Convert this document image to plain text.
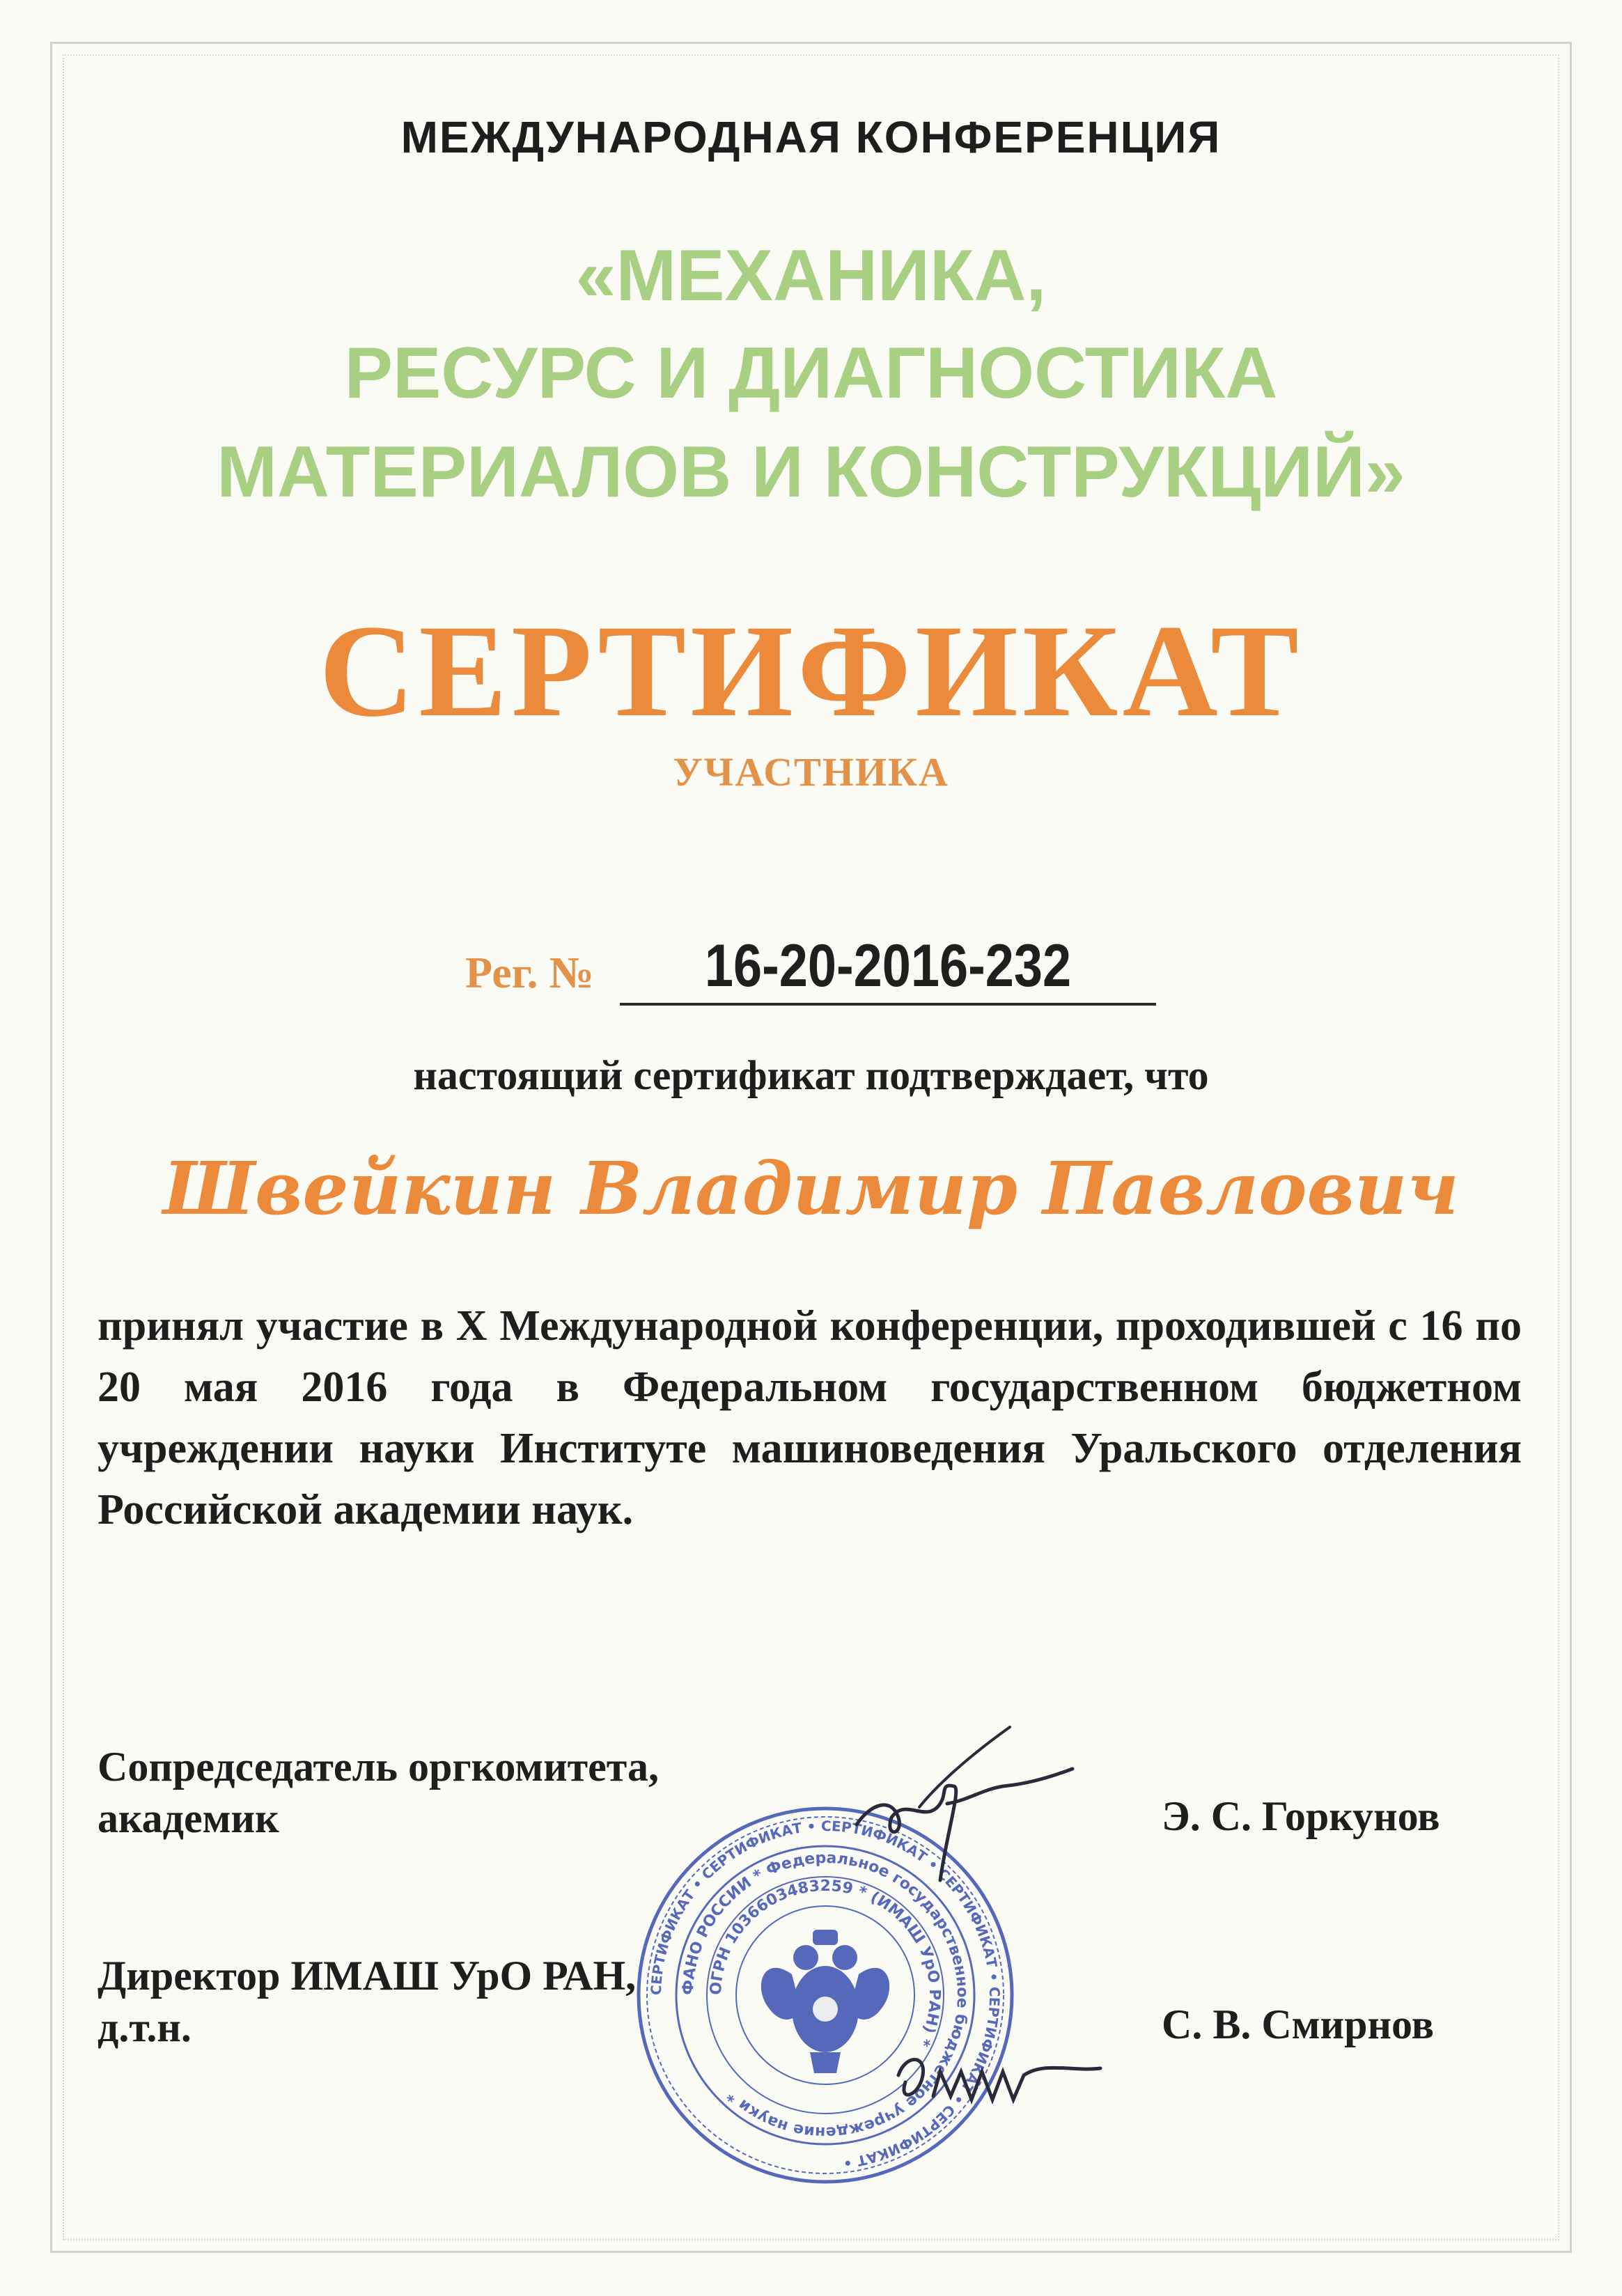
МЕЖДУНАРОДНАЯ КОНФЕРЕНЦИЯ
«МЕХАНИКА,
РЕСУРС И ДИАГНОСТИКА
МАТЕРИАЛОВ И КОНСТРУКЦИЙ»
СЕРТИФИКАТ
УЧАСТНИКА
Рег. №	16-20-2016-232
настоящий сертификат подтверждает, что
Швейкин Владимир Павлович
принял участие в X Международной конференции, проходившей с 16 по 20 мая 2016 года в Федеральном государственном бюджетном учреждении науки Институте машиноведения Уральского отделения Российской академии наук.
Сопредседатель оргкомитета,
академик	Э. С. Горкунов
Директор ИМАШ УрО РАН,
д.т.н.	С. В. Смирнов
СЕРТИФИКАТ • СЕРТИФИКАТ • СЕРТИФИКАТ • СЕРТИФИКАТ • СЕРТИФИКАТ • СЕРТИФИКАТ •
ФАНО РОССИИ * Федеральное государственное бюджетное учреждение науки *
ОГРН 1036603483259 * (ИМАШ УрО РАН) *
